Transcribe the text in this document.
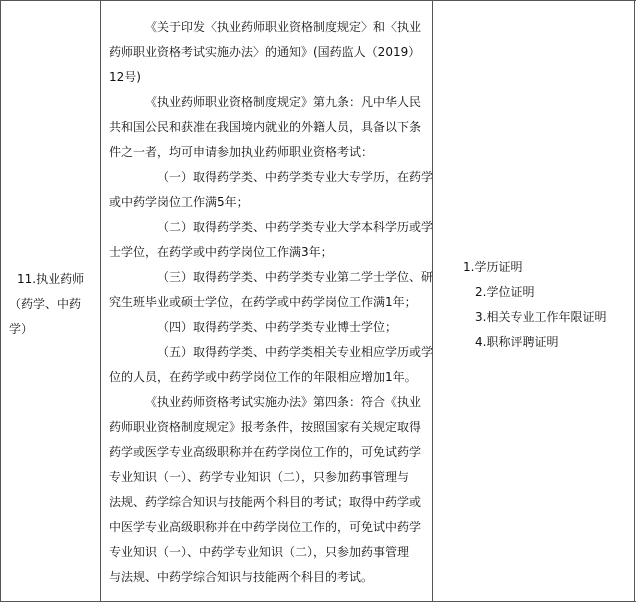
11.执业药师
（药学、中药
学）
《关于印发〈执业药师职业资格制度规定〉和〈执业
药师职业资格考试实施办法〉的通知》(国药监人（2019）
12号)
《执业药师职业资格制度规定》第九条：凡中华人民
共和国公民和获准在我国境内就业的外籍人员，具备以下条
件之一者，均可申请参加执业药师职业资格考试：
（一）取得药学类、中药学类专业大专学历，在药学
或中药学岗位工作满5年；
（二）取得药学类、中药学类专业大学本科学历或学
士学位，在药学或中药学岗位工作满3年；
（三）取得药学类、中药学类专业第二学士学位、研
究生班毕业或硕士学位，在药学或中药学岗位工作满1年；
（四）取得药学类、中药学类专业博士学位；
（五）取得药学类、中药学类相关专业相应学历或学
位的人员，在药学或中药学岗位工作的年限相应增加1年。
《执业药师资格考试实施办法》第四条：符合《执业
药师职业资格制度规定》报考条件，按照国家有关规定取得
药学或医学专业高级职称并在药学岗位工作的，可免试药学
专业知识（一）、药学专业知识（二），只参加药事管理与
法规、药学综合知识与技能两个科目的考试；取得中药学或
中医学专业高级职称并在中药学岗位工作的，可免试中药学
专业知识（一）、中药学专业知识（二），只参加药事管理
与法规、中药学综合知识与技能两个科目的考试。
1.学历证明
2.学位证明
3.相关专业工作年限证明
4.职称评聘证明
